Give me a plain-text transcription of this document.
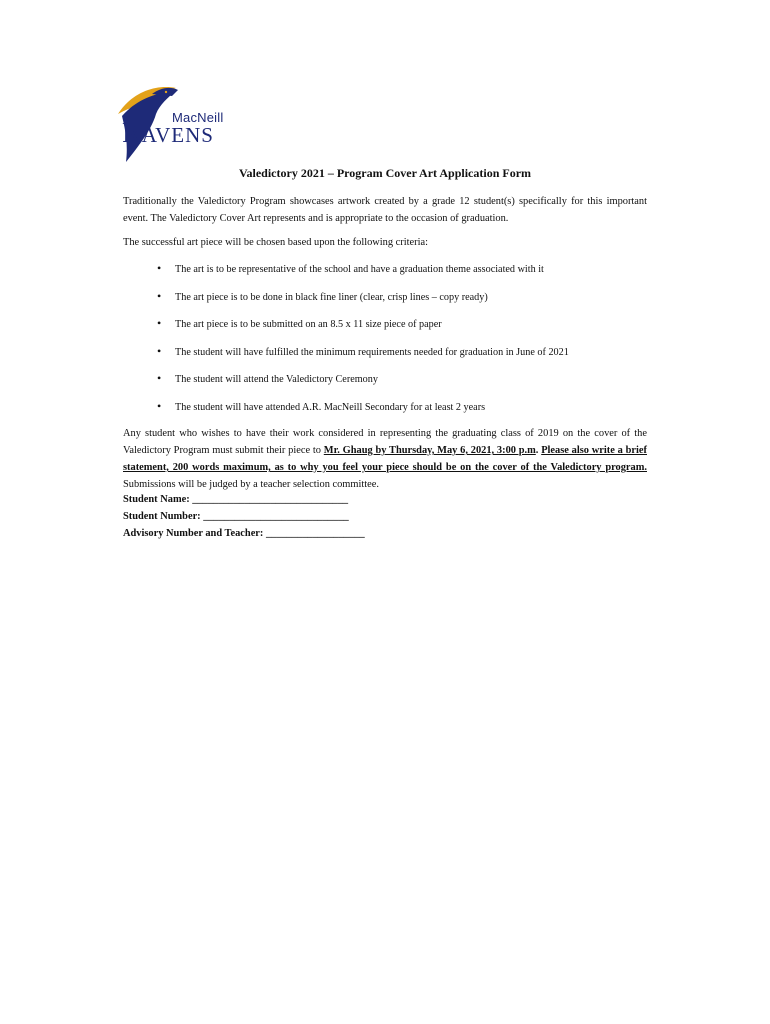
MacNeill
RAVENS
Valedictory 2021 – Program Cover Art Application Form
Traditionally the Valedictory Program showcases artwork created by a grade 12 student(s) specifically for this important event. The Valedictory Cover Art represents and is appropriate to the occasion of graduation.
The successful art piece will be chosen based upon the following criteria:
• The art is to be representative of the school and have a graduation theme associated with it
• The art piece is to be done in black fine liner (clear, crisp lines – copy ready)
• The art piece is to be submitted on an 8.5 x 11 size piece of paper
• The student will have fulfilled the minimum requirements needed for graduation in June of 2021
• The student will attend the Valedictory Ceremony
• The student will have attended A.R. MacNeill Secondary for at least 2 years
Any student who wishes to have their work considered in representing the graduating class of 2019 on the cover of the Valedictory Program must submit their piece to Mr. Ghaug by Thursday, May 6, 2021, 3:00 p.m. Please also write a brief statement, 200 words maximum, as to why you feel your piece should be on the cover of the Valedictory program. Submissions will be judged by a teacher selection committee.
Student Name: ______________________________
Student Number: ____________________________
Advisory Number and Teacher: ___________________
